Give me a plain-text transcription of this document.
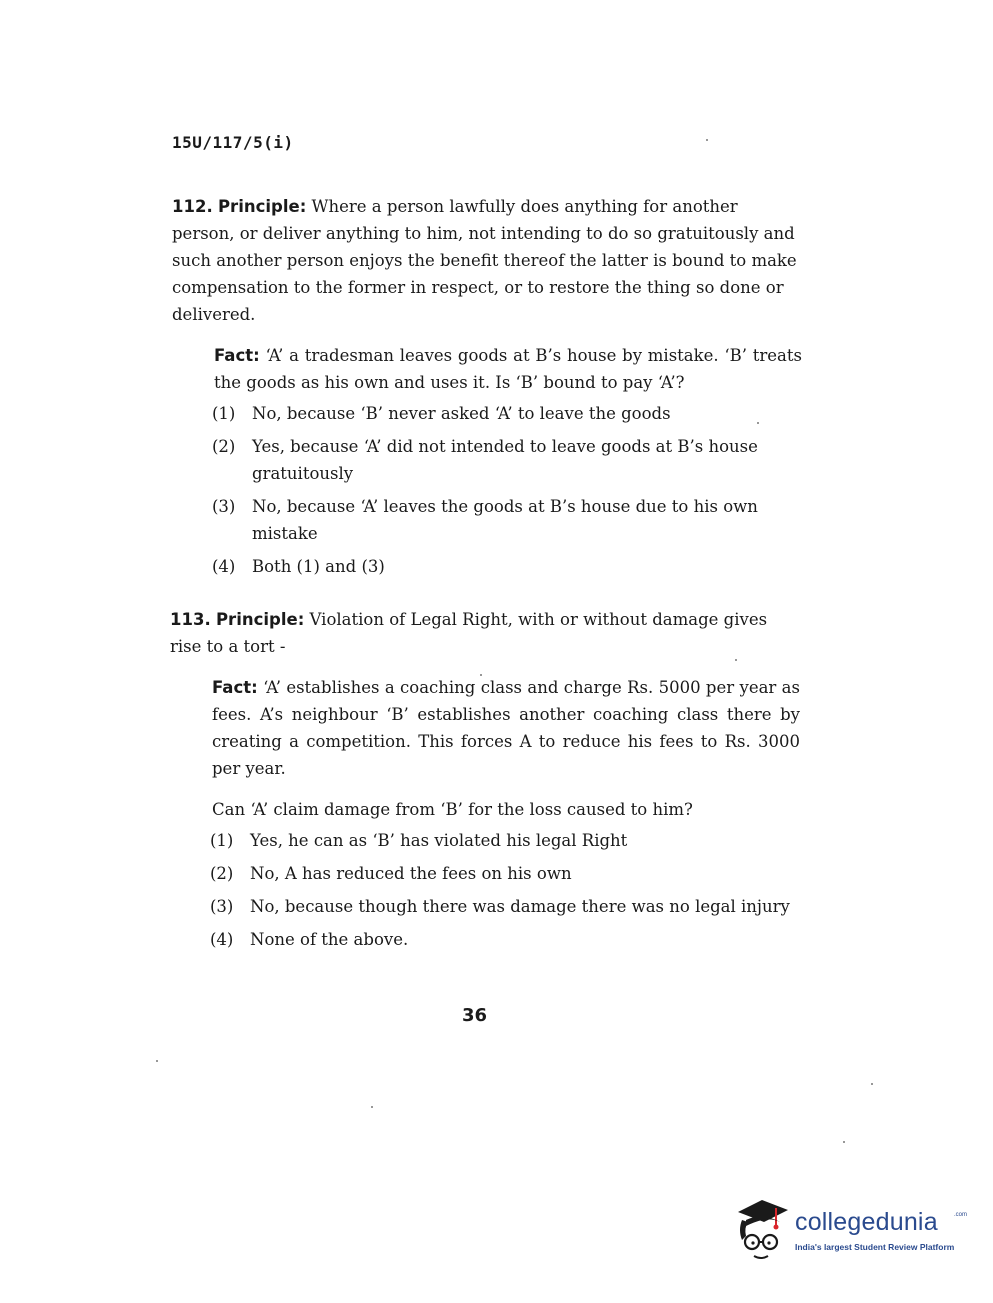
15U/117/5(i)
112. Principle: Where a person lawfully does anything for another person, or deliver anything to him, not intending to do so gratuitously and such another person enjoys the benefit thereof the latter is bound to make compensation to the former in respect, or to restore the thing so done or delivered.
Fact: ‘A’ a tradesman leaves goods at B’s house by mistake. ‘B’ treats the goods as his own and uses it. Is ‘B’ bound to pay ‘A’?
(1)	No, because ‘B’ never asked ‘A’ to leave the goods
(2)	Yes, because ‘A’ did not intended to leave goods at B’s house gratuitously
(3)	No, because ‘A’ leaves the goods at B’s house due to his own mistake
(4)	Both (1) and (3)
113. Principle: Violation of Legal Right, with or without damage gives rise to a tort -
Fact: ‘A’ establishes a coaching class and charge Rs. 5000 per year as fees. A’s neighbour ‘B’ establishes another coaching class there by creating a competition. This forces A to reduce his fees to Rs. 3000 per year.
Can ‘A’ claim damage from ‘B’ for the loss caused to him?
(1)	Yes, he can as ‘B’ has violated his legal Right
(2)	No, A has reduced the fees on his own
(3)	No, because though there was damage there was no legal injury
(4)	None of the above.
36
collegedunia	.com
India's largest Student Review Platform
